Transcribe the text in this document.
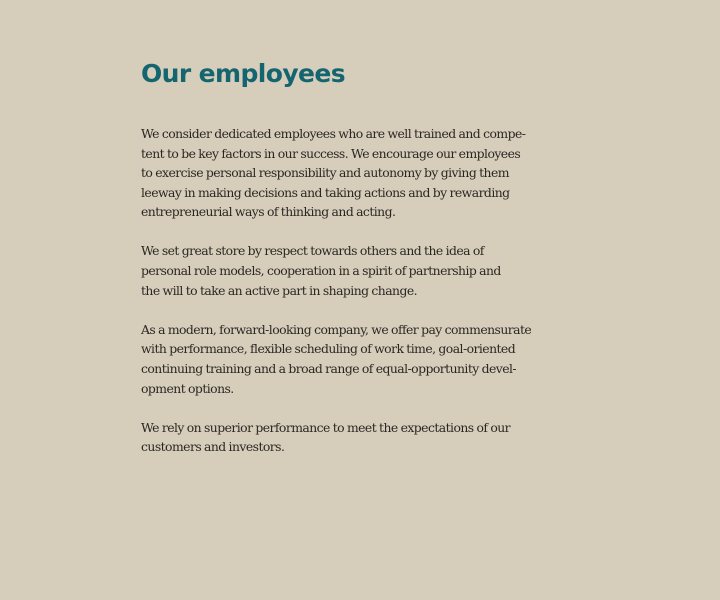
Our employees

We consider dedicated employees who are well trained and compe-
tent to be key factors in our success. We encourage our employees
to exercise personal responsibility and autonomy by giving them
leeway in making decisions and taking actions and by rewarding
entrepreneurial ways of thinking and acting.

We set great store by respect towards others and the idea of
personal role models, cooperation in a spirit of partnership and
the will to take an active part in shaping change.

As a modern, forward-looking company, we offer pay commensurate
with performance, flexible scheduling of work time, goal-oriented
continuing training and a broad range of equal-opportunity devel-
opment options.

We rely on superior performance to meet the expectations of our
customers and investors.
